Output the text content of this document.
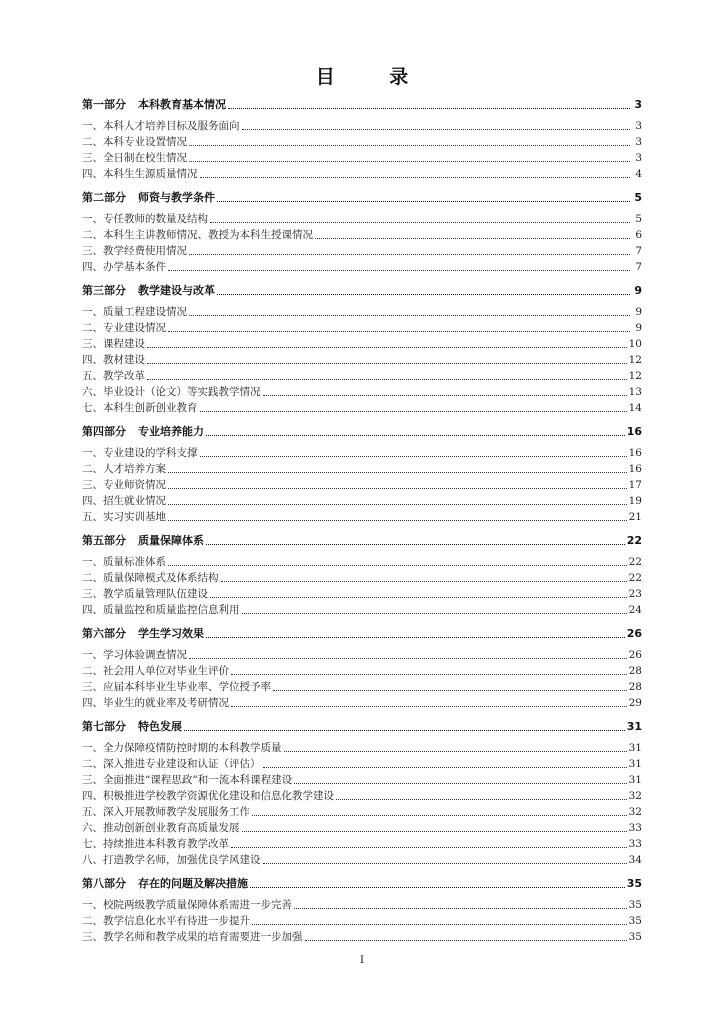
目 录
第一部分 本科教育基本情况	3
一、本科人才培养目标及服务面向	3
二、本科专业设置情况	3
三、全日制在校生情况	3
四、本科生生源质量情况	4
第二部分 师资与教学条件	5
一、专任教师的数量及结构	5
二、本科生主讲教师情况、教授为本科生授课情况	6
三、教学经费使用情况	7
四、办学基本条件	7
第三部分 教学建设与改革	9
一、质量工程建设情况	9
二、专业建设情况	9
三、课程建设	10
四、教材建设	12
五、教学改革	12
六、毕业设计（论文）等实践教学情况	13
七、本科生创新创业教育	14
第四部分 专业培养能力	16
一、专业建设的学科支撑	16
二、人才培养方案	16
三、专业师资情况	17
四、招生就业情况	19
五、实习实训基地	21
第五部分 质量保障体系	22
一、质量标准体系	22
二、质量保障模式及体系结构	22
三、教学质量管理队伍建设	23
四、质量监控和质量监控信息利用	24
第六部分 学生学习效果	26
一、学习体验调查情况	26
二、社会用人单位对毕业生评价	28
三、应届本科毕业生毕业率、学位授予率	28
四、毕业生的就业率及考研情况	29
第七部分 特色发展	31
一、全力保障疫情防控时期的本科教学质量	31
二、深入推进专业建设和认证（评估）	31
三、全面推进“课程思政”和一流本科课程建设	31
四、积极推进学校教学资源优化建设和信息化教学建设	32
五、深入开展教师教学发展服务工作	32
六、推动创新创业教育高质量发展	33
七、持续推进本科教育教学改革	33
八、打造教学名师，加强优良学风建设	34
第八部分 存在的问题及解决措施	35
一、校院两级教学质量保障体系需进一步完善	35
二、教学信息化水平有待进一步提升	35
三、教学名师和教学成果的培育需要进一步加强	35
I
